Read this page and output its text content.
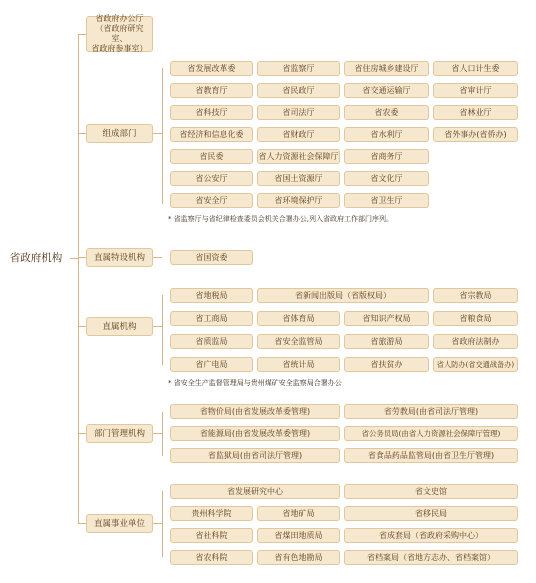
省政府机构
省政府办公厅
（省政府研究室、
省政府参事室）
组成部门
直属特设机构
直属机构
部门管理机构
直属事业单位
省发展改革委	省监察厅	省住房城乡建设厅	省人口计生委
省教育厅	省民政厅	省交通运输厅	省审计厅
省科技厅	省司法厅	省农委	省林业厅
省经济和信息化委	省财政厅	省水利厅	省外事办(省侨办)
省民委	省人力资源社会保障厅	省商务厅
省公安厅	省国土资源厅	省文化厅
省安全厅	省环境保护厅	省卫生厅
* 省监察厅与省纪律检查委员会机关合署办公,列入省政府工作部门序列。
省国资委
省地税局	省新闻出版局（省版权局）	省宗教局
省工商局	省体育局	省知识产权局	省粮食局
省质监局	省安全监管局	省旅游局	省政府法制办
省广电局	省统计局	省扶贫办	省人防办(省交通战备办)
* 省安全生产监督管理局与贵州煤矿安全监察局合署办公
省物价局(由省发展改革委管理)	省劳教局(由省司法厅管理)
省能源局(由省发展改革委管理)	省公务员局(由省人力资源社会保障厅管理)
省监狱局(由省司法厅管理)	省食品药品监管局(由省卫生厅管理)
省发展研究中心	省文史馆
贵州科学院	省地矿局	省移民局
省社科院	省煤田地质局	省成套局（省政府采购中心）
省农科院	省有色地勘局	省档案局（省地方志办、省档案馆）
